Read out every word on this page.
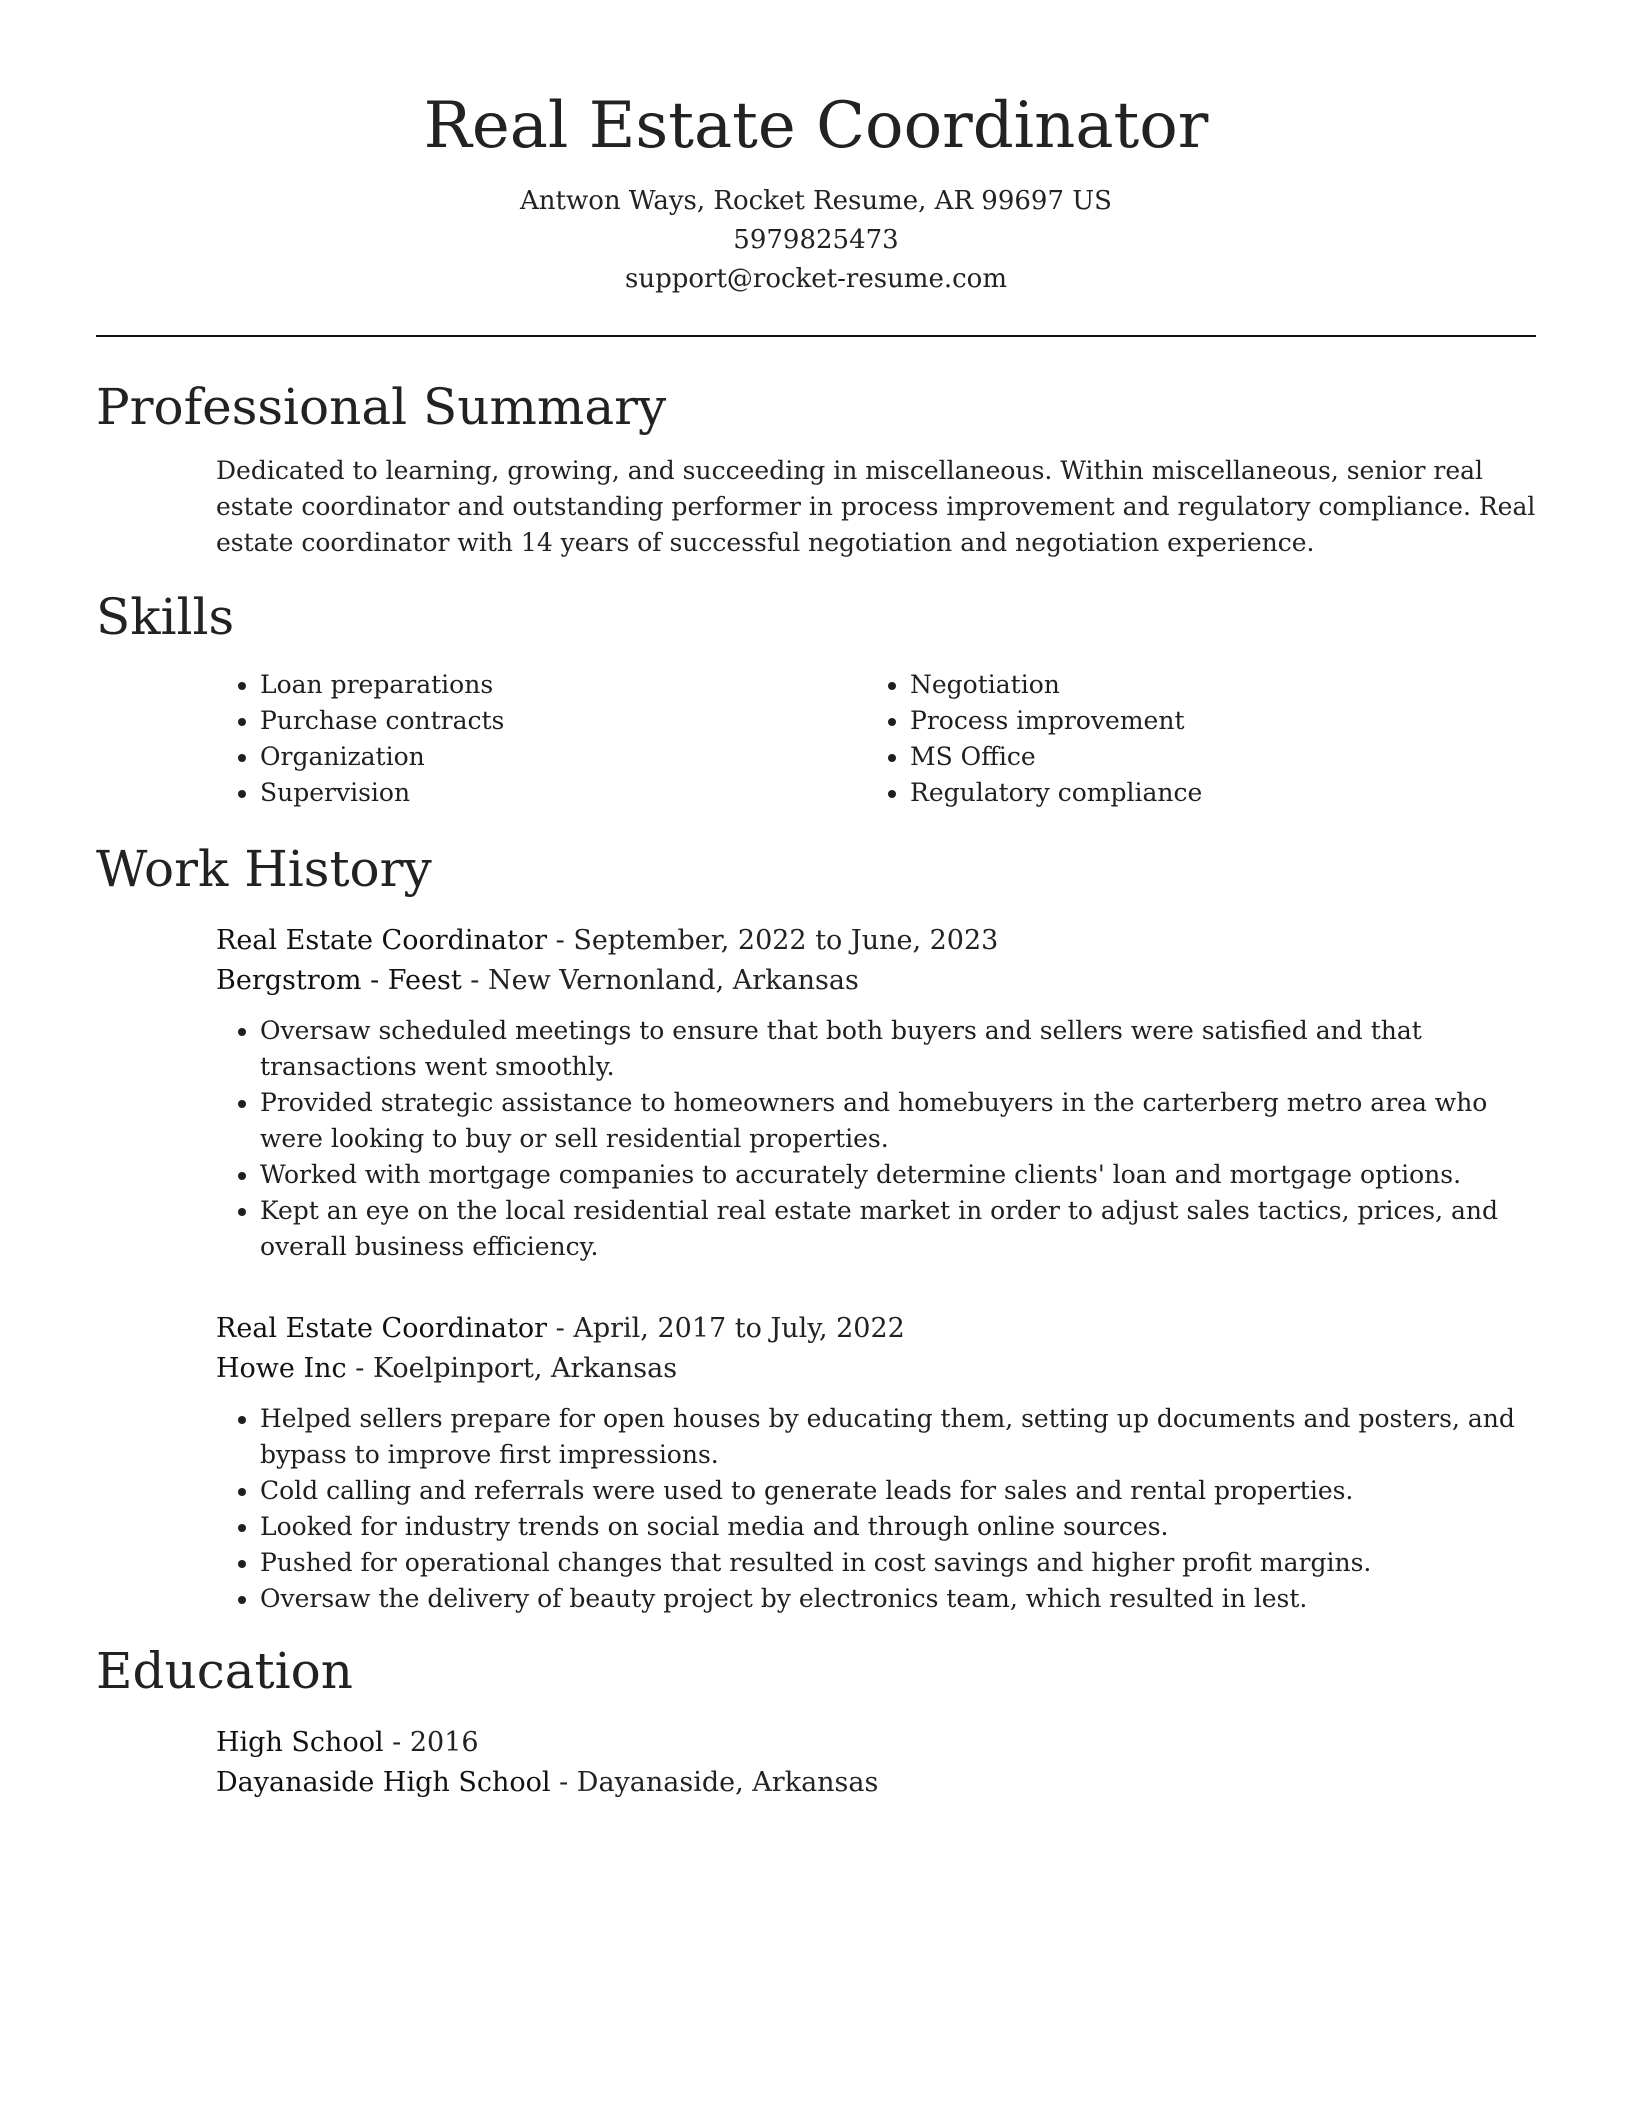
Real Estate Coordinator
Antwon Ways, Rocket Resume, AR 99697 US
5979825473
support@rocket-resume.com
Professional Summary

Dedicated to learning, growing, and succeeding in miscellaneous. Within miscellaneous, senior real estate coordinator and outstanding performer in process improvement and regulatory compliance. Real estate coordinator with 14 years of successful negotiation and negotiation experience.

Skills
• Loan preparations
• Purchase contracts
• Organization
• Supervision
• Negotiation
• Process improvement
• MS Office
• Regulatory compliance
Work History

Real Estate Coordinator - September, 2022 to June, 2023

Bergstrom - Feest - New Vernonland, Arkansas

• Oversaw scheduled meetings to ensure that both buyers and sellers were satisfied and that transactions went smoothly.
• Provided strategic assistance to homeowners and homebuyers in the carterberg metro area who were looking to buy or sell residential properties.
• Worked with mortgage companies to accurately determine clients' loan and mortgage options.
• Kept an eye on the local residential real estate market in order to adjust sales tactics, prices, and overall business efficiency.

Real Estate Coordinator - April, 2017 to July, 2022

Howe Inc - Koelpinport, Arkansas

• Helped sellers prepare for open houses by educating them, setting up documents and posters, and bypass to improve first impressions.
• Cold calling and referrals were used to generate leads for sales and rental properties.
• Looked for industry trends on social media and through online sources.
• Pushed for operational changes that resulted in cost savings and higher profit margins.
• Oversaw the delivery of beauty project by electronics team, which resulted in lest.
Education

High School - 2016

Dayanaside High School - Dayanaside, Arkansas
